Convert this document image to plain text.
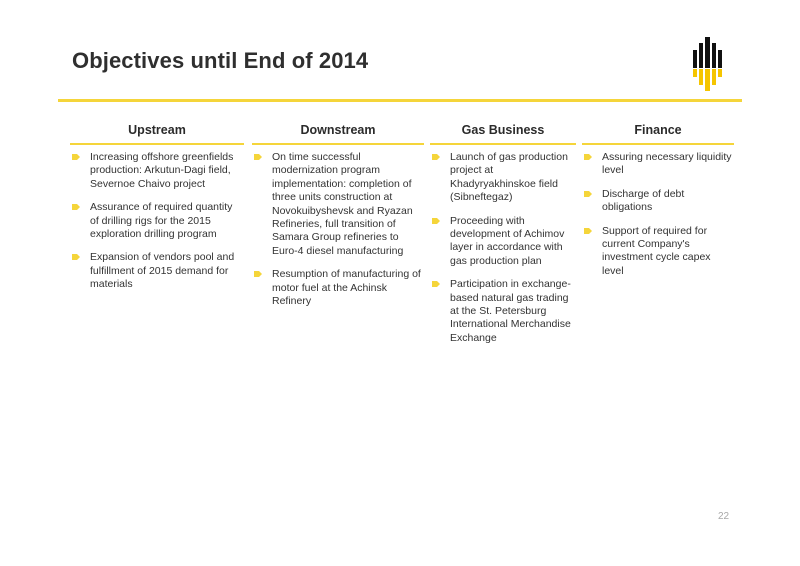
Objectives until End of 2014
Upstream
Increasing offshore greenfields production: Arkutun-Dagi field, Severnoe Chaivo project
Assurance of required quantity of drilling rigs for the 2015 exploration drilling program
Expansion of vendors pool and fulfillment of 2015 demand for materials
Downstream
On time successful modernization program implementation: completion of three units construction at Novokuibyshevsk and Ryazan Refineries, full transition of Samara Group refineries to Euro-4 diesel manufacturing
Resumption of manufacturing of motor fuel at the Achinsk Refinery
Gas Business
Launch of gas production project at Khadyryakhinskoe field (Sibneftegaz)
Proceeding with development of Achimov layer in accordance with gas production plan
Participation in exchange-based natural gas trading at the St. Petersburg International Merchandise Exchange
Finance
Assuring necessary liquidity level
Discharge of debt obligations
Support of required for current Company's investment cycle capex level
22
